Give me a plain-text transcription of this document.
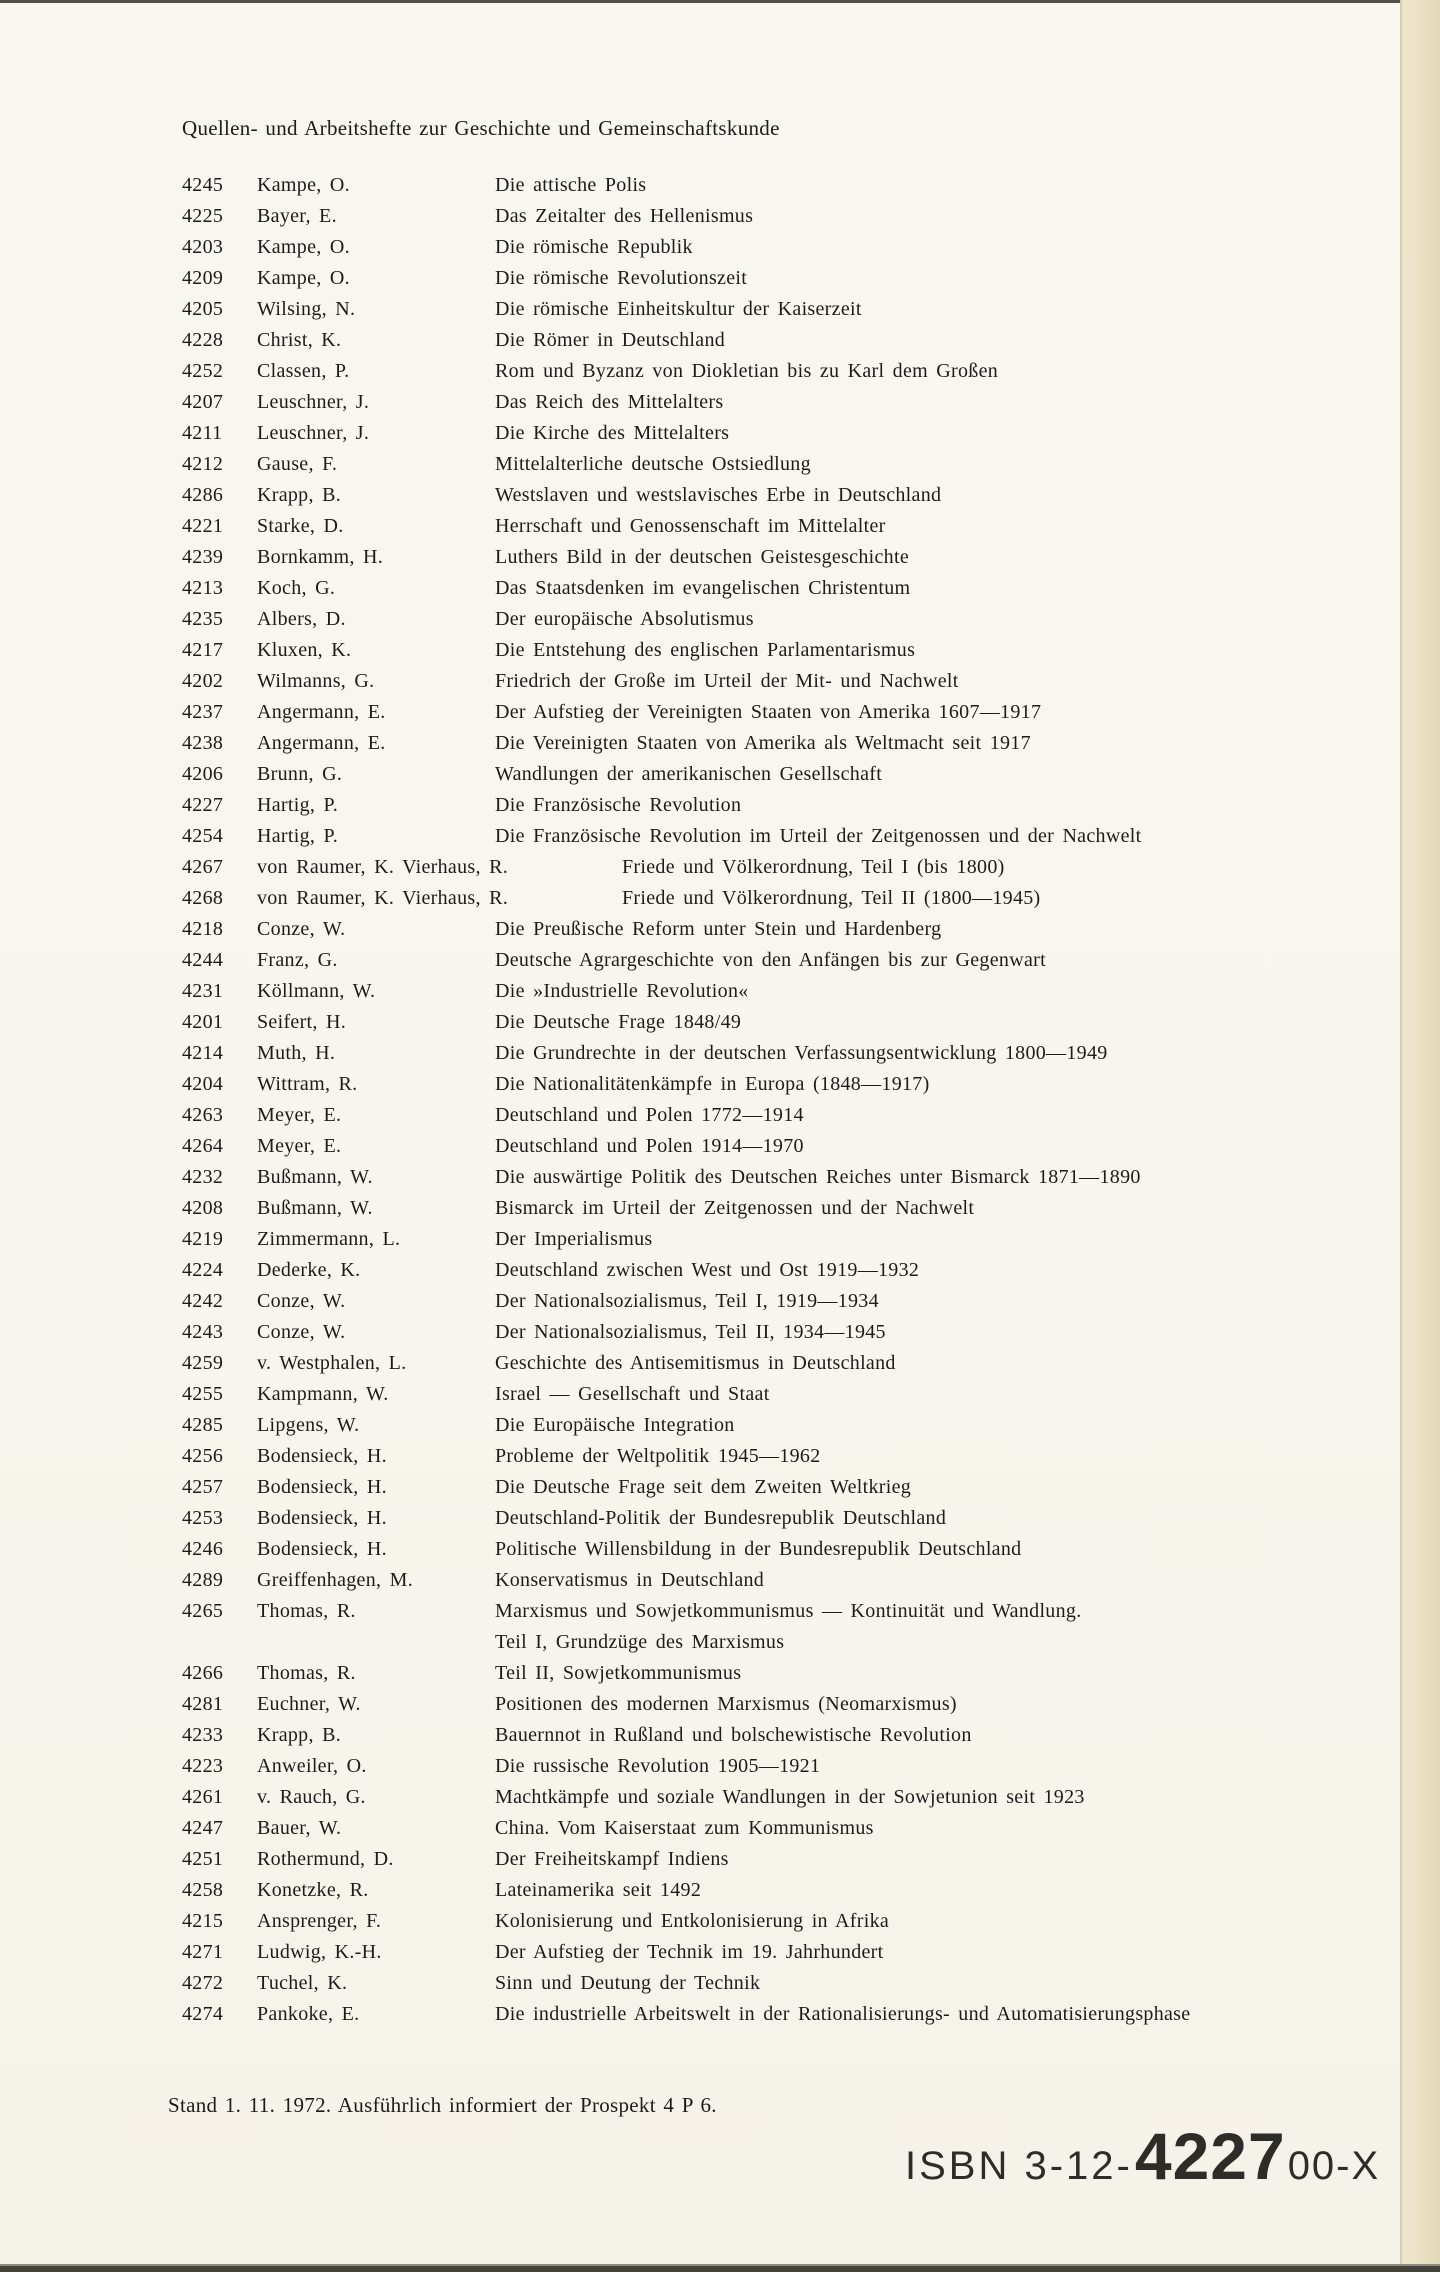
Quellen- und Arbeitshefte zur Geschichte und Gemeinschaftskunde
4245	Kampe, O.	Die attische Polis
4225	Bayer, E.	Das Zeitalter des Hellenismus
4203	Kampe, O.	Die römische Republik
4209	Kampe, O.	Die römische Revolutionszeit
4205	Wilsing, N.	Die römische Einheitskultur der Kaiserzeit
4228	Christ, K.	Die Römer in Deutschland
4252	Classen, P.	Rom und Byzanz von Diokletian bis zu Karl dem Großen
4207	Leuschner, J.	Das Reich des Mittelalters
4211	Leuschner, J.	Die Kirche des Mittelalters
4212	Gause, F.	Mittelalterliche deutsche Ostsiedlung
4286	Krapp, B.	Westslaven und westslavisches Erbe in Deutschland
4221	Starke, D.	Herrschaft und Genossenschaft im Mittelalter
4239	Bornkamm, H.	Luthers Bild in der deutschen Geistesgeschichte
4213	Koch, G.	Das Staatsdenken im evangelischen Christentum
4235	Albers, D.	Der europäische Absolutismus
4217	Kluxen, K.	Die Entstehung des englischen Parlamentarismus
4202	Wilmanns, G.	Friedrich der Große im Urteil der Mit- und Nachwelt
4237	Angermann, E.	Der Aufstieg der Vereinigten Staaten von Amerika 1607—1917
4238	Angermann, E.	Die Vereinigten Staaten von Amerika als Weltmacht seit 1917
4206	Brunn, G.	Wandlungen der amerikanischen Gesellschaft
4227	Hartig, P.	Die Französische Revolution
4254	Hartig, P.	Die Französische Revolution im Urteil der Zeitgenossen und der Nachwelt
4267	von Raumer, K. Vierhaus, R.	Friede und Völkerordnung, Teil I (bis 1800)
4268	von Raumer, K. Vierhaus, R.	Friede und Völkerordnung, Teil II (1800—1945)
4218	Conze, W.	Die Preußische Reform unter Stein und Hardenberg
4244	Franz, G.	Deutsche Agrargeschichte von den Anfängen bis zur Gegenwart
4231	Köllmann, W.	Die »Industrielle Revolution«
4201	Seifert, H.	Die Deutsche Frage 1848/49
4214	Muth, H.	Die Grundrechte in der deutschen Verfassungsentwicklung 1800—1949
4204	Wittram, R.	Die Nationalitätenkämpfe in Europa (1848—1917)
4263	Meyer, E.	Deutschland und Polen 1772—1914
4264	Meyer, E.	Deutschland und Polen 1914—1970
4232	Bußmann, W.	Die auswärtige Politik des Deutschen Reiches unter Bismarck 1871—1890
4208	Bußmann, W.	Bismarck im Urteil der Zeitgenossen und der Nachwelt
4219	Zimmermann, L.	Der Imperialismus
4224	Dederke, K.	Deutschland zwischen West und Ost 1919—1932
4242	Conze, W.	Der Nationalsozialismus, Teil I, 1919—1934
4243	Conze, W.	Der Nationalsozialismus, Teil II, 1934—1945
4259	v. Westphalen, L.	Geschichte des Antisemitismus in Deutschland
4255	Kampmann, W.	Israel — Gesellschaft und Staat
4285	Lipgens, W.	Die Europäische Integration
4256	Bodensieck, H.	Probleme der Weltpolitik 1945—1962
4257	Bodensieck, H.	Die Deutsche Frage seit dem Zweiten Weltkrieg
4253	Bodensieck, H.	Deutschland-Politik der Bundesrepublik Deutschland
4246	Bodensieck, H.	Politische Willensbildung in der Bundesrepublik Deutschland
4289	Greiffenhagen, M.	Konservatismus in Deutschland
4265	Thomas, R.	Marxismus und Sowjetkommunismus — Kontinuität und Wandlung.
Teil I, Grundzüge des Marxismus
4266	Thomas, R.	Teil II, Sowjetkommunismus
4281	Euchner, W.	Positionen des modernen Marxismus (Neomarxismus)
4233	Krapp, B.	Bauernnot in Rußland und bolschewistische Revolution
4223	Anweiler, O.	Die russische Revolution 1905—1921
4261	v. Rauch, G.	Machtkämpfe und soziale Wandlungen in der Sowjetunion seit 1923
4247	Bauer, W.	China. Vom Kaiserstaat zum Kommunismus
4251	Rothermund, D.	Der Freiheitskampf Indiens
4258	Konetzke, R.	Lateinamerika seit 1492
4215	Ansprenger, F.	Kolonisierung und Entkolonisierung in Afrika
4271	Ludwig, K.-H.	Der Aufstieg der Technik im 19. Jahrhundert
4272	Tuchel, K.	Sinn und Deutung der Technik
4274	Pankoke, E.	Die industrielle Arbeitswelt in der Rationalisierungs- und Automatisierungsphase
Stand 1. 11. 1972. Ausführlich informiert der Prospekt 4 P 6.
ISBN 3-12- 4227 00-X
